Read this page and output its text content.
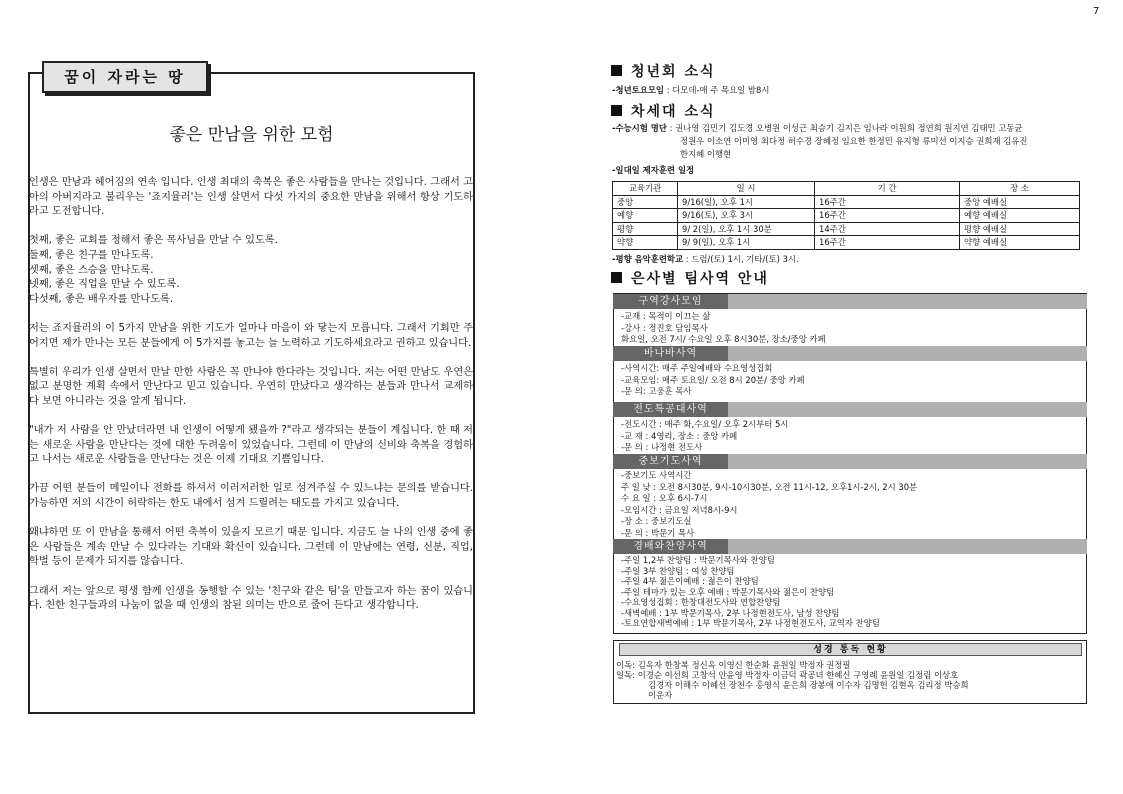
7
꿈이 자라는 땅
좋은 만남을 위한 모험

인생은 만남과 헤어짐의 연속 입니다. 인생 최대의 축복은 좋은 사람들을 만나는 것입니다. 그래서 고아의 아버지라고 불리우는 '죠지뮬러'는 인생 살면서 다섯 가지의 중요한 만남을 위해서 항상 기도하라고 도전합니다.

첫째, 좋은 교회를 정해서 좋은 목사님을 만날 수 있도록.
둘째, 좋은 친구를 만나도록.
셋째, 좋은 스승을 만나도록.
넷째, 좋은 직업을 만날 수 있도록.
다섯째, 좋은 배우자를 만나도록.

저는 죠지뮬러의 이 5가지 만남을 위한 기도가 얼마나 마음이 와 닿는지 모릅니다. 그래서 기회만 주어지면 제가 만나는 모든 분들에게 이 5가지를 놓고는 늘 노력하고 기도하세요라고 권하고 있습니다.

특별히 우리가 인생 살면서 만날 만한 사람은 꼭 만나야 한다라는 것입니다. 저는 어떤 만남도 우연은 없고 분명한 계획 속에서 만난다고 믿고 있습니다. 우연히 만났다고 생각하는 분들과 만나서 교제하다 보면 아니라는 것을 알게 됩니다.

"내가 저 사람을 안 만났더라면 내 인생이 어떻게 됐을까 ?"라고 생각되는 분들이 계십니다. 한 때 저는 새로운 사람을 만난다는 것에 대한 두려움이 있었습니다. 그런데 이 만남의 신비와 축복을 경험하고 나서는 새로운 사람들을 만난다는 것은 이제 기대요 기쁨입니다.

가끔 어떤 분들이 메일이나 전화를 하셔서 이러저러한 일로 섬겨주실 수 있느냐는 문의를 받습니다. 가능하면 저의 시간이 허락하는 한도 내에서 섬겨 드릴려는 태도를 가지고 있습니다.

왜냐하면 또 이 만남을 통해서 어떤 축복이 있을지 모르기 때문 입니다. 지금도 늘 나의 인생 중에 좋은 사람들은 계속 만날 수 있다라는 기대와 확신이 있습니다. 그런데 이 만남에는 연령, 신분, 직업, 학벌 등이 문제가 되지를 않습니다.

그래서 저는 앞으로 평생 함께 인생을 동행할 수 있는 '친구와 같은 팀'을 만들고자 하는 꿈이 있습니다. 친한 친구들과의 나눔이 없을 때 인생의 참된 의미는 반으로 줄어 든다고 생각합니다.

청년회 소식
-청년토요모임 : 디모데-매 주 목요일 밤8시
차세대 소식
-수능시험 명단 : 권나영 김민기 김도경 오병원 이성근 최승기 김지은 임나라 이원희 정연희 원지연 김태민 고동균
정원우 이소연 이미영 최다정 허수경 장혜정 임요한 한정민 유지형 류미선 이지승 권희재 김유진
한지혜 이행현
-일대일 제자훈련 일정
교육기관	일 시	기 간	장 소
중앙	9/16(일), 오후 1시	16주간	중앙 예배실
예향	9/16(토), 오후 3시	16주간	예향 예배실
평향	9/ 2(일), 오후 1시 30분	14주간	평향 예배실
약향	9/ 9(일), 오후 1시	16주간	약향 예배실
-평향 음악훈련학교 : 드럼/(토) 1시, 기타/(토) 3시.
은사별 팀사역 안내
구역강사모임
-교재 : 목적이 이끄는 삶
-강사 : 정진호 담임목사
화요일, 오전 7시/ 수요일 오후 8시30분, 장소/중앙 카페
바나바사역
-사역시간: 매주 주일예배와 수요영성집회
-교육모임: 매주 토요일/ 오전 8시 20분/ 중앙 카페
-문 의: 고웅훈 목사
전도특공대사역
-전도시간 : 매주 화,수요일/ 오후 2시부터 5시
-교 재 : 4영리, 장소 : 중앙 카페
-문 의 : 나정현 전도사
중보기도사역
-중보기도 사역시간
주 일 낮 : 오전 8시30분, 9시-10시30분, 오전 11시-12, 오후1시-2시, 2시 30분
수 요 일 : 오후 6시-7시
-모임시간 : 금요일 저녁8시-9시
-장 소 : 중보기도실
-문 의 : 박문기 목사
경배와찬양사역
-주일 1,2부 찬양팀 : 박문기목사와 찬양팀
-주일 3부 찬양팀 : 여성 찬양팀
-주일 4부 젊은이예배 : 젊은이 찬양팀
-주일 테마가 있는 오후 예배 : 박문기목사와 젊은이 찬양팀
-수요영성집회 : 한창대전도사와 연합찬양팀
-새벽예배 : 1부 박문기목사, 2부 나정현전도사, 남성 찬양팀
-토요연합새벽예배 : 1부 박문기목사, 2부 나정현전도사, 교역자 찬양팀
성경 통독 현황
이독: 김옥자 한창복 정신옥 이영신 한순화 윤원일 박정자 권정필
일독: 이경순 이선희 고창석 안윤영 박정자 이금덕 곽공녀 한혜신 구영례 윤원일 김정림 이상호
김경자 이해수 이혜선 장천수 홍영식 윤은희 장봉애 이수자 김명헌 김현옥 김리정 박승희
이운자
